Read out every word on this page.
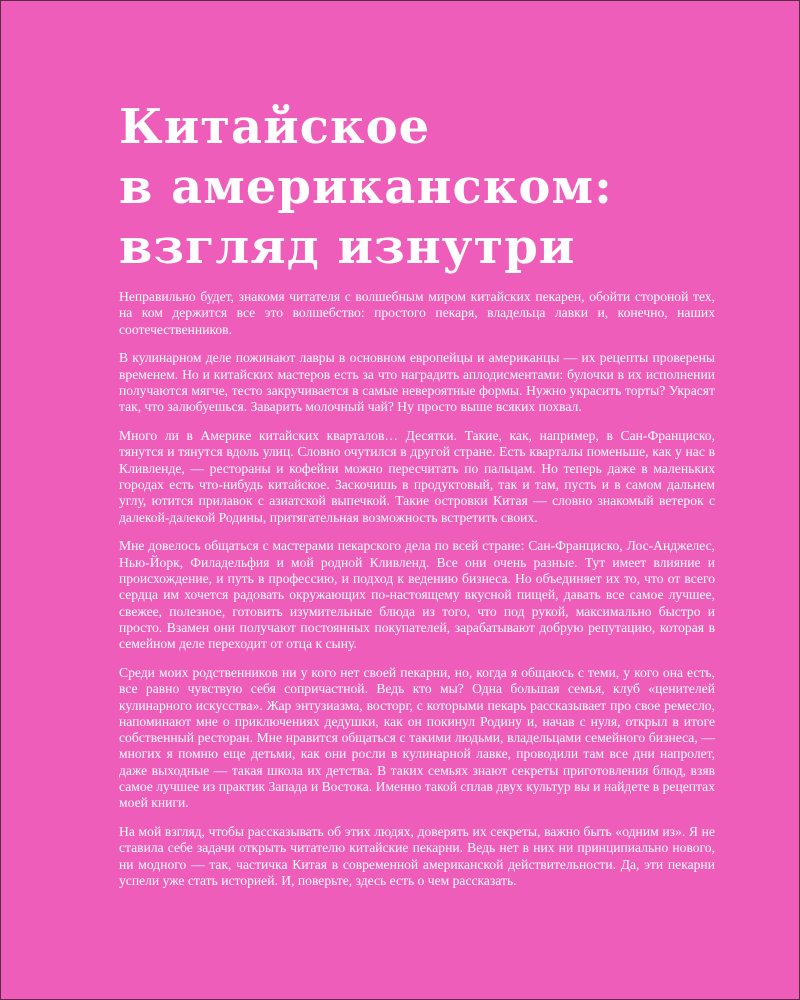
Китайское
в американском:
взгляд изнутри

Неправильно будет, знакомя читателя с волшебным миром китайских пекарен, обойти стороной тех, на ком держится все это волшебство: простого пекаря, владельца лавки и, конечно, наших соотечественников.

В кулинарном деле пожинают лавры в основном европейцы и американцы — их рецепты проверены временем. Но и китайских мастеров есть за что наградить аплодисментами: булочки в их исполнении получаются мягче, тесто закручивается в самые невероятные формы. Нужно украсить торты? Украсят так, что залюбуешься. Заварить молочный чай? Ну просто выше всяких похвал.

Много ли в Америке китайских кварталов… Десятки. Такие, как, например, в Сан-Франциско, тянутся и тянутся вдоль улиц. Словно очутился в другой стране. Есть кварталы поменьше, как у нас в Кливленде, — рестораны и кофейни можно пересчитать по пальцам. Но теперь даже в маленьких городах есть что-нибудь китайское. Заскочишь в продуктовый, так и там, пусть и в самом дальнем углу, ютится прилавок с азиатской выпечкой. Такие островки Китая — словно знакомый ветерок с далекой-далекой Родины, притягательная возможность встретить своих.

Мне довелось общаться с мастерами пекарского дела по всей стране: Сан-Франциско, Лос-Анджелес, Нью-Йорк, Филадельфия и мой родной Кливленд. Все они очень разные. Тут имеет влияние и происхождение, и путь в профессию, и подход к ведению бизнеса. Но объединяет их то, что от всего сердца им хочется радовать окружающих по-настоящему вкусной пищей, давать все самое лучшее, свежее, полезное, готовить изумительные блюда из того, что под рукой, максимально быстро и просто. Взамен они получают постоянных покупателей, зарабатывают добрую репутацию, которая в семейном деле переходит от отца к сыну.

Среди моих родственников ни у кого нет своей пекарни, но, когда я общаюсь с теми, у кого она есть, все равно чувствую себя сопричастной. Ведь кто мы? Одна большая семья, клуб «ценителей кулинарного искусства». Жар энтузиазма, восторг, с которыми пекарь рассказывает про свое ремесло, напоминают мне о приключениях дедушки, как он покинул Родину и, начав с нуля, открыл в итоге собственный ресторан. Мне нравится общаться с такими людьми, владельцами семейного бизнеса, — многих я помню еще детьми, как они росли в кулинарной лавке, проводили там все дни напролет, даже выходные — такая школа их детства. В таких семьях знают секреты приготовления блюд, взяв самое лучшее из практик Запада и Востока. Именно такой сплав двух культур вы и найдете в рецептах моей книги.

На мой взгляд, чтобы рассказывать об этих людях, доверять их секреты, важно быть «одним из». Я не ставила себе задачи открыть читателю китайские пекарни. Ведь нет в них ни принципиально нового, ни модного — так, частичка Китая в современной американской действительности. Да, эти пекарни успели уже стать историей. И, поверьте, здесь есть о чем рассказать.
